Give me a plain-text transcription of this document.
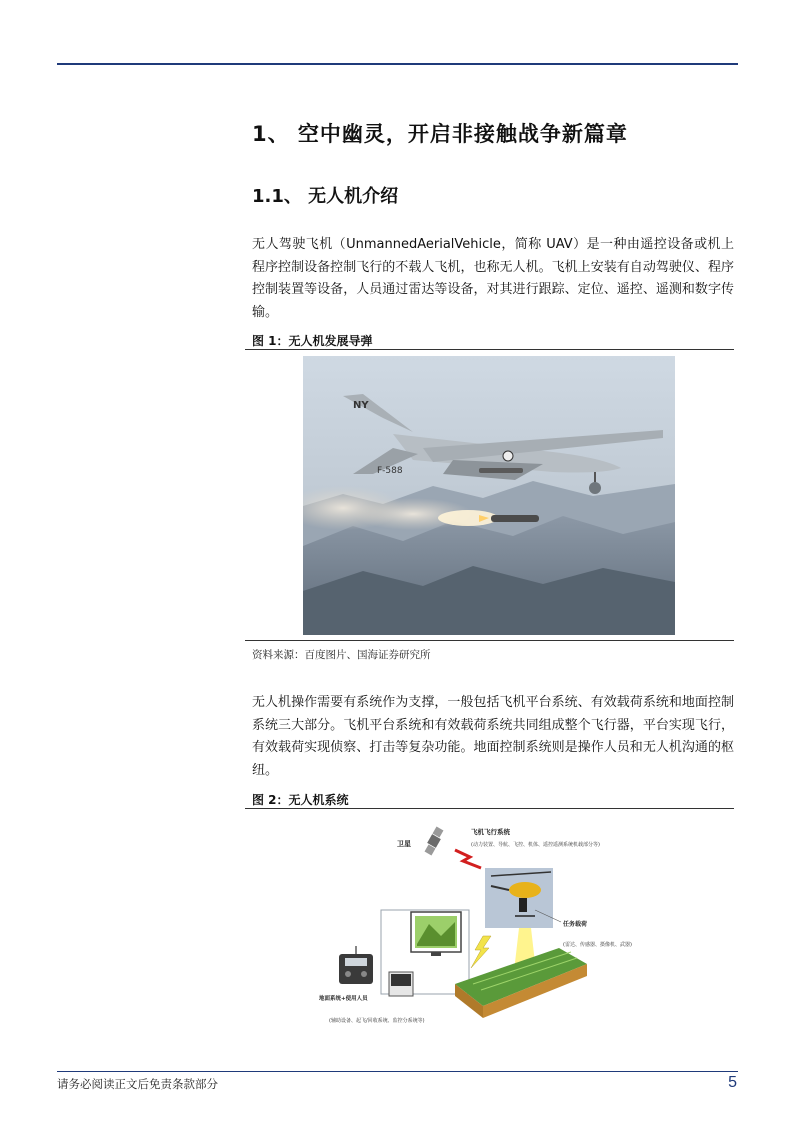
1、 空中幽灵，开启非接触战争新篇章
1.1、 无人机介绍
无人驾驶飞机（UnmannedAerialVehicle，简称 UAV）是一种由遥控设备或机上程序控制设备控制飞行的不载人飞机，也称无人机。飞机上安装有自动驾驶仪、程序控制装置等设备，人员通过雷达等设备，对其进行跟踪、定位、遥控、遥测和数字传输。
图 1：无人机发展导弹
NY
F-588
资料来源：百度图片、国海证券研究所
无人机操作需要有系统作为支撑，一般包括飞机平台系统、有效载荷系统和地面控制系统三大部分。飞机平台系统和有效载荷系统共同组成整个飞行器，平台实现飞行，有效载荷实现侦察、打击等复杂功能。地面控制系统则是操作人员和无人机沟通的枢纽。
图 2：无人机系统
卫星
飞机飞行系统
(动力装置、导航、飞控、机体、遥控遥测系统机载部分等)
任务载荷
(雷达、传感器、摄像机、武器)
地面系统+使用人员
(辅助设备、起飞/回收系统、监控分系统等)
请务必阅读正文后免责条款部分	5
